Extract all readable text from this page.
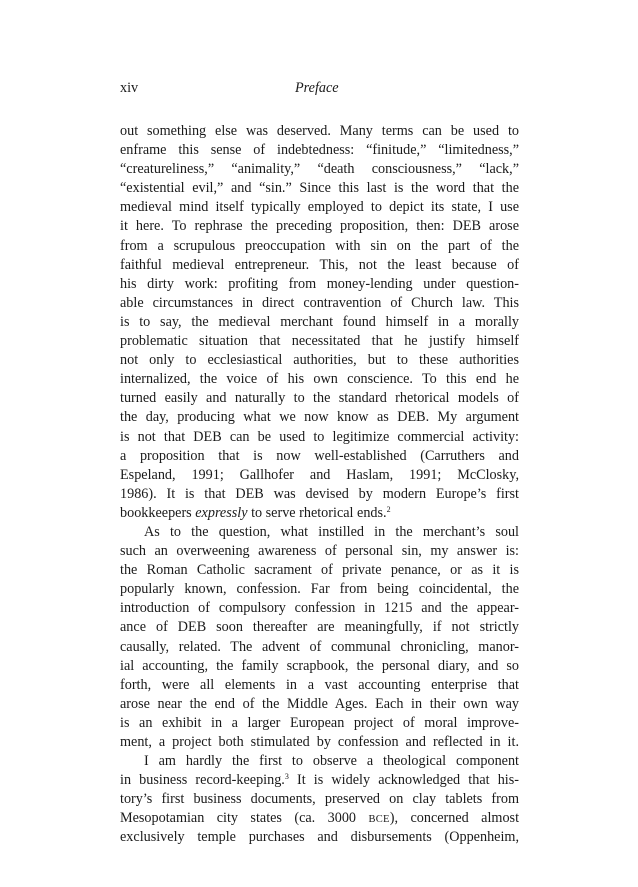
xiv	Preface
out something else was deserved. Many terms can be used to
enframe this sense of indebtedness: “finitude,” “limitedness,”
“creatureliness,” “animality,” “death consciousness,” “lack,”
“existential evil,” and “sin.” Since this last is the word that the
medieval mind itself typically employed to depict its state, I use
it here. To rephrase the preceding proposition, then: DEB arose
from a scrupulous preoccupation with sin on the part of the
faithful medieval entrepreneur. This, not the least because of
his dirty work: profiting from money-lending under question-
able circumstances in direct contravention of Church law. This
is to say, the medieval merchant found himself in a morally
problematic situation that necessitated that he justify himself
not only to ecclesiastical authorities, but to these authorities
internalized, the voice of his own conscience. To this end he
turned easily and naturally to the standard rhetorical models of
the day, producing what we now know as DEB. My argument
is not that DEB can be used to legitimize commercial activity:
a proposition that is now well-established (Carruthers and
Espeland, 1991; Gallhofer and Haslam, 1991; McClosky,
1986). It is that DEB was devised by modern Europe’s first
bookkeepers expressly to serve rhetorical ends.$^2$
As to the question, what instilled in the merchant’s soul
such an overweening awareness of personal sin, my answer is:
the Roman Catholic sacrament of private penance, or as it is
popularly known, confession. Far from being coincidental, the
introduction of compulsory confession in 1215 and the appear-
ance of DEB soon thereafter are meaningfully, if not strictly
causally, related. The advent of communal chronicling, manor-
ial accounting, the family scrapbook, the personal diary, and so
forth, were all elements in a vast accounting enterprise that
arose near the end of the Middle Ages. Each in their own way
is an exhibit in a larger European project of moral improve-
ment, a project both stimulated by confession and reflected in it.
I am hardly the first to observe a theological component
in business record-keeping.$^3$ It is widely acknowledged that his-
tory’s first business documents, preserved on clay tablets from
Mesopotamian city states (ca. 3000 BCE), concerned almost
exclusively temple purchases and disbursements (Oppenheim,
